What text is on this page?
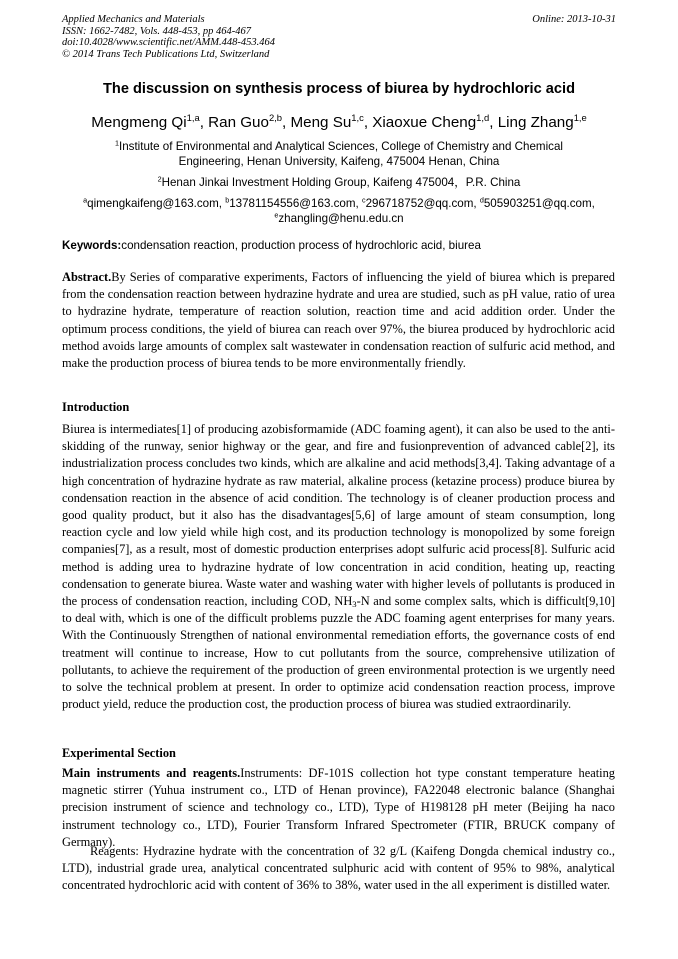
Applied Mechanics and Materials
ISSN: 1662-7482, Vols. 448-453, pp 464-467
doi:10.4028/www.scientific.net/AMM.448-453.464
© 2014 Trans Tech Publications Ltd, Switzerland
Online: 2013-10-31
The discussion on synthesis process of biurea by hydrochloric acid
Mengmeng Qi$^{1,a}$, Ran Guo$^{2,b}$, Meng Su$^{1,c}$, Xiaoxue Cheng$^{1,d}$, Ling Zhang$^{1,e}$
$^1$Institute of Environmental and Analytical Sciences, College of Chemistry and Chemical
Engineering, Henan University, Kaifeng, 475004 Henan, China
$^2$Henan Jinkai Investment Holding Group, Kaifeng 475004，P.R. China
$^a$qimengkaifeng@163.com, $^b$13781154556@163.com, $^c$296718752@qq.com, $^d$505903251@qq.com,
$^e$zhangling@henu.edu.cn
Keywords:condensation reaction, production process of hydrochloric acid, biurea

Abstract.By Series of comparative experiments, Factors of influencing the yield of biurea which is prepared from the condensation reaction between hydrazine hydrate and urea are studied, such as pH value, ratio of urea to hydrazine hydrate, temperature of reaction solution, reaction time and acid addition order. Under the optimum process conditions, the yield of biurea can reach over 97%, the biurea produced by hydrochloric acid method avoids large amounts of complex salt wastewater in condensation reaction of sulfuric acid method, and make the production process of biurea tends to be more environmentally friendly.

Introduction

Biurea is intermediates[1] of producing azobisformamide (ADC foaming agent), it can also be used to the anti-skidding of the runway, senior highway or the gear, and fire and fusionprevention of advanced cable[2], its industrialization process concludes two kinds, which are alkaline and acid methods[3,4]. Taking advantage of a high concentration of hydrazine hydrate as raw material, alkaline process (ketazine process) produce biurea by condensation reaction in the absence of acid condition. The technology is of cleaner production process and good quality product, but it also has the disadvantages[5,6] of large amount of steam consumption, long reaction cycle and low yield while high cost, and its production technology is monopolized by some foreign companies[7], as a result, most of domestic production enterprises adopt sulfuric acid process[8]. Sulfuric acid method is adding urea to hydrazine hydrate of low concentration in acid condition, heating up, reacting condensation to generate biurea. Waste water and washing water with higher levels of pollutants is produced in the process of condensation reaction, including COD, $NH_3-N$ and some complex salts, which is difficult[9,10] to deal with, which is one of the difficult problems puzzle the ADC foaming agent enterprises for many years. With the Continuously Strengthen of national environmental remediation efforts, the governance costs of end treatment will continue to increase, How to cut pollutants from the source, comprehensive utilization of pollutants, to achieve the requirement of the production of green environmental protection is we urgently need to solve the technical problem at present. In order to optimize acid condensation reaction process, improve product yield, reduce the production cost, the production process of biurea was studied extraordinarily.

Experimental Section

Main instruments and reagents.Instruments: DF-101S collection hot type constant temperature heating magnetic stirrer (Yuhua instrument co., LTD of Henan province), FA22048 electronic balance (Shanghai precision instrument of science and technology co., LTD), Type of H198128 pH meter (Beijing ha naco instrument technology co., LTD), Fourier Transform Infrared Spectrometer (FTIR, BRUCK company of Germany).

Reagents: Hydrazine hydrate with the concentration of 32 g/L (Kaifeng Dongda chemical industry co., LTD), industrial grade urea, analytical concentrated sulphuric acid with content of 95% to 98%, analytical concentrated hydrochloric acid with content of 36% to 38%, water used in the all experiment is distilled water.
